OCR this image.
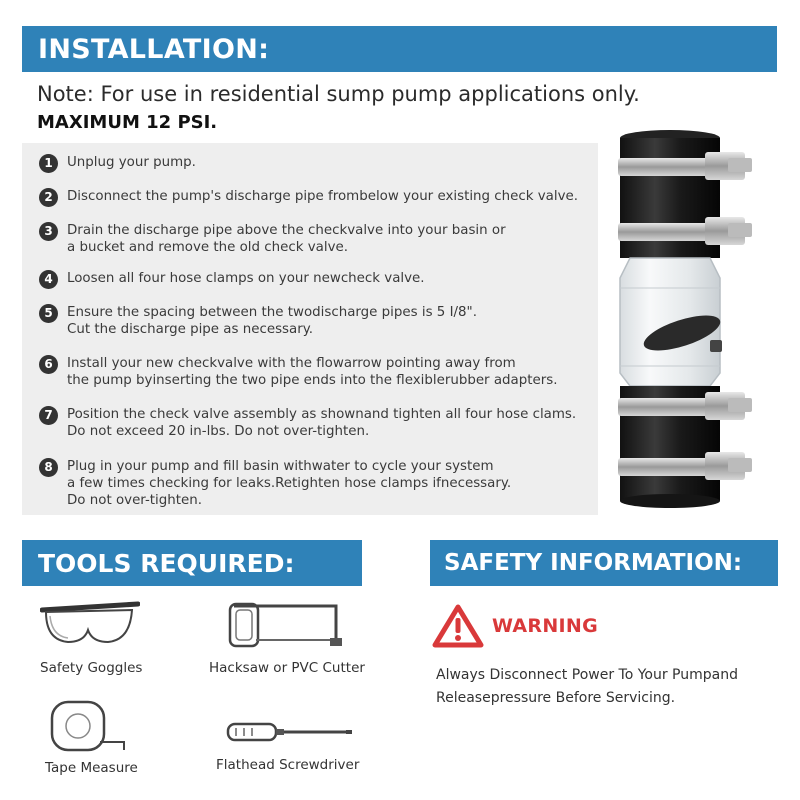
INSTALLATION:
Note: For use in residential sump pump applications only.
MAXIMUM 12 PSI.
1	Unplug your pump.
2	Disconnect the pump's discharge pipe frombelow your existing check valve.
3	Drain the discharge pipe above the checkvalve into your basin or
a bucket and remove the old check valve.
4	Loosen all four hose clamps on your newcheck valve.
5	Ensure the spacing between the twodischarge pipes is 5 I/8".
Cut the discharge pipe as necessary.
6	Install your new checkvalve with the flowarrow pointing away from
the pump byinserting the two pipe ends into the flexiblerubber adapters.
7	Position the check valve assembly as shownand tighten all four hose clams.
Do not exceed 20 in-lbs. Do not over-tighten.
8	Plug in your pump and fill basin withwater to cycle your system
a few times checking for leaks.Retighten hose clamps ifnecessary.
Do not over-tighten.
TOOLS REQUIRED:
Safety Goggles	Hacksaw or PVC Cutter
Tape Measure	Flathead Screwdriver
SAFETY INFORMATION:
WARNING
Always Disconnect Power To Your Pumpand
Releasepressure Before Servicing.
